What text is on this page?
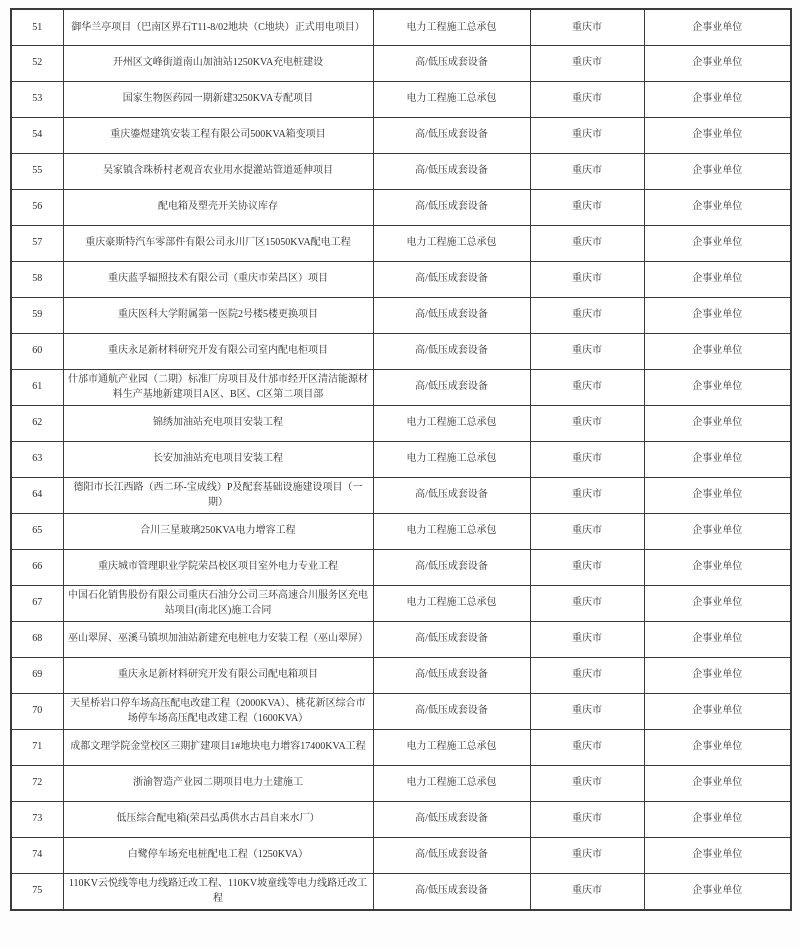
51	御华兰亭项目（巴南区界石T11-8/02地块（C地块）正式用电项目）	电力工程施工总承包	重庆市	企事业单位
52	开州区文峰街道南山加油站1250KVA充电桩建设	高/低压成套设备	重庆市	企事业单位
53	国家生物医药园一期新建3250KVA专配项目	电力工程施工总承包	重庆市	企事业单位
54	重庆鎏煜建筑安装工程有限公司500KVA箱变项目	高/低压成套设备	重庆市	企事业单位
55	吴家镇含珠桥村老观音农业用水提灌站管道延伸项目	高/低压成套设备	重庆市	企事业单位
56	配电箱及塑壳开关协议库存	高/低压成套设备	重庆市	企事业单位
57	重庆豪斯特汽车零部件有限公司永川厂区15050KVA配电工程	电力工程施工总承包	重庆市	企事业单位
58	重庆蓝孚辐照技术有限公司（重庆市荣昌区）项目	高/低压成套设备	重庆市	企事业单位
59	重庆医科大学附属第一医院2号楼5楼更换项目	高/低压成套设备	重庆市	企事业单位
60	重庆永足新材料研究开发有限公司室内配电柜项目	高/低压成套设备	重庆市	企事业单位
61	什邡市通航产业园（二期）标准厂房项目及什邡市经开区清洁能源材料生产基地新建项目A区、B区、C区第二项目部	高/低压成套设备	重庆市	企事业单位
62	锦绣加油站充电项目安装工程	电力工程施工总承包	重庆市	企事业单位
63	长安加油站充电项目安装工程	电力工程施工总承包	重庆市	企事业单位
64	德阳市长江西路（西二环-宝成线）P及配套基础设施建设项目（一期）	高/低压成套设备	重庆市	企事业单位
65	合川三星玻璃250KVA电力增容工程	电力工程施工总承包	重庆市	企事业单位
66	重庆城市管理职业学院荣昌校区项目室外电力专业工程	高/低压成套设备	重庆市	企事业单位
67	中国石化销售股份有限公司重庆石油分公司三环高速合川服务区充电站项目(南北区)施工合同	电力工程施工总承包	重庆市	企事业单位
68	巫山翠屏、巫溪马镇坝加油站新建充电桩电力安装工程（巫山翠屏）	高/低压成套设备	重庆市	企事业单位
69	重庆永足新材料研究开发有限公司配电箱项目	高/低压成套设备	重庆市	企事业单位
70	天星桥岩口停车场高压配电改建工程（2000KVA）、桃花新区综合市场停车场高压配电改建工程（1600KVA）	高/低压成套设备	重庆市	企事业单位
71	成都文理学院金堂校区三期扩建项目1#地块电力增容17400KVA工程	电力工程施工总承包	重庆市	企事业单位
72	浙渝智造产业园二期项目电力土建施工	电力工程施工总承包	重庆市	企事业单位
73	低压综合配电箱(荣昌弘禹供水古昌自来水厂）	高/低压成套设备	重庆市	企事业单位
74	白鹭停车场充电桩配电工程（1250KVA）	高/低压成套设备	重庆市	企事业单位
75	110KV云悦线等电力线路迁改工程、110KV坡童线等电力线路迁改工程	高/低压成套设备	重庆市	企事业单位
